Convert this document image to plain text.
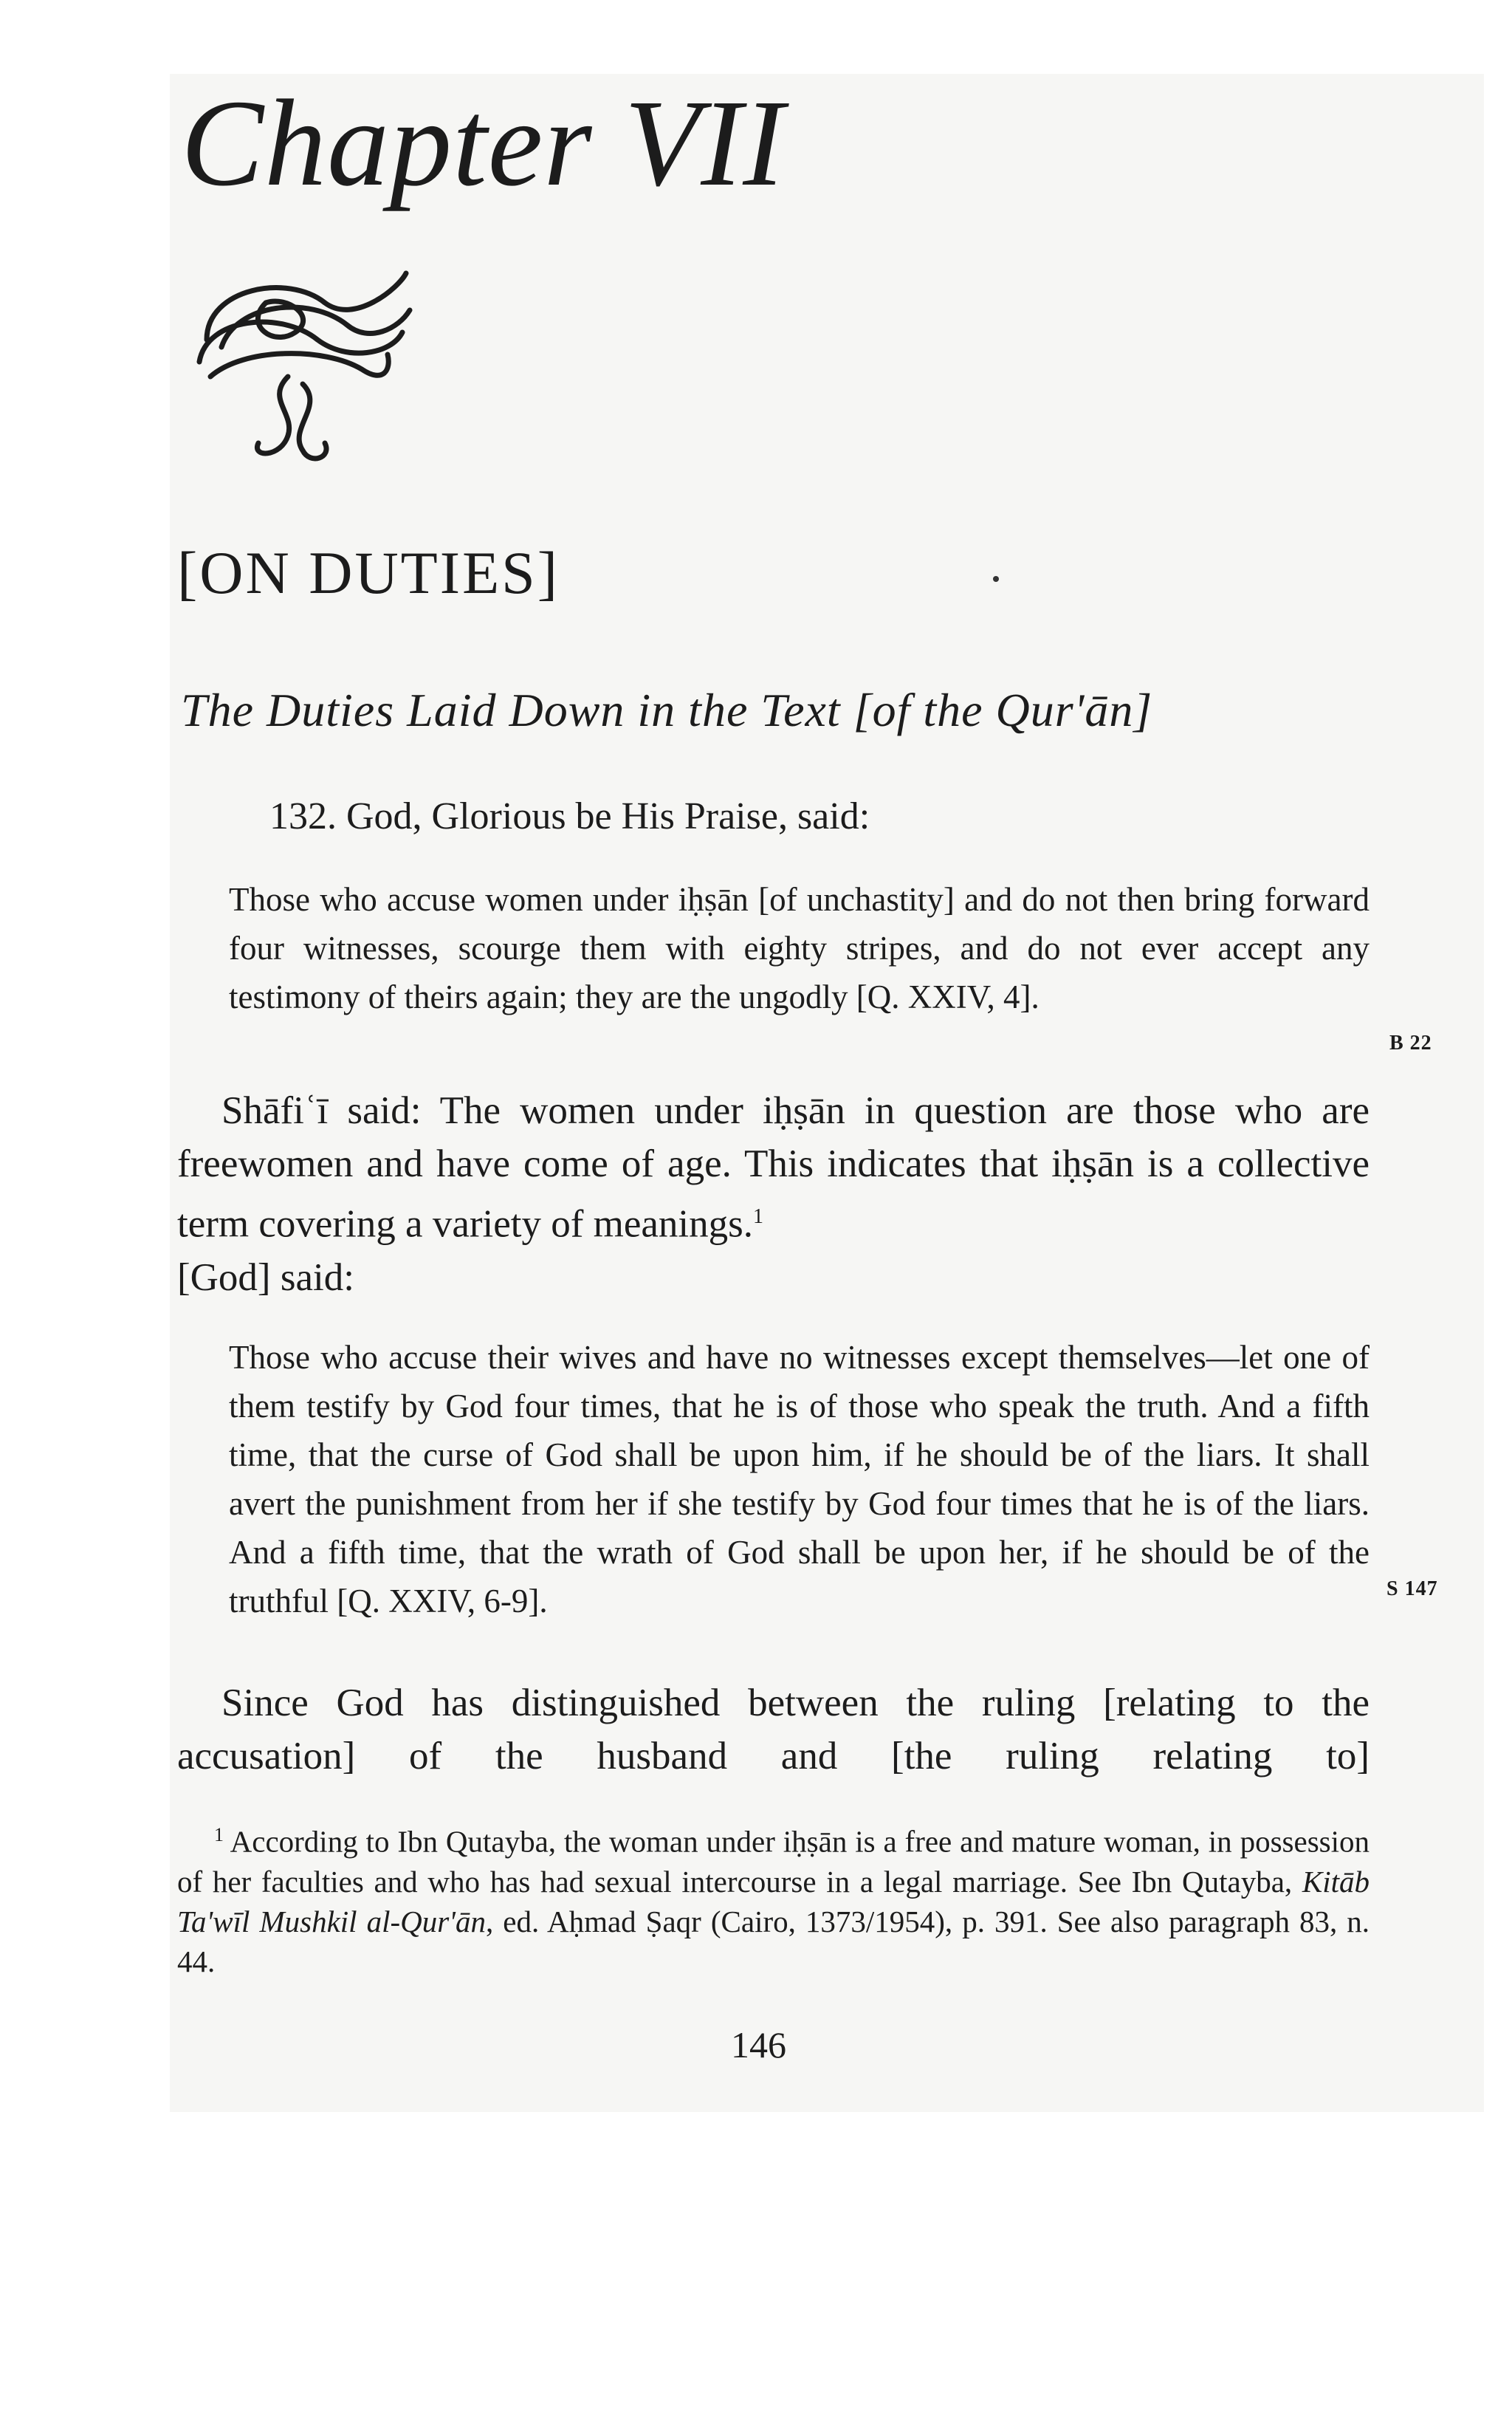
Chapter VII
[ON DUTIES]
The Duties Laid Down in the Text [of the Qur'ān]
132. God, Glorious be His Praise, said:
Those who accuse women under iḥṣān [of unchastity] and do not then bring forward four witnesses, scourge them with eighty stripes, and do not ever accept any testimony of theirs again; they are the ungodly [Q. XXIV, 4].
B 22
Shāfiʿī said: The women under iḥṣān in question are those who are freewomen and have come of age. This indicates that iḥṣān is a collective term covering a variety of meanings.$^1$
[God] said:
Those who accuse their wives and have no witnesses except themselves—let one of them testify by God four times, that he is of those who speak the truth. And a fifth time, that the curse of God shall be upon him, if he should be of the liars. It shall avert the punishment from her if she testify by God four times that he is of the liars. And a fifth time, that the wrath of God shall be upon her, if he should be of the truthful [Q. XXIV, 6-9].	S 147
Since God has distinguished between the ruling [relating to the accusation] of the husband and [the ruling relating to]
$^1$ According to Ibn Qutayba, the woman under iḥṣān is a free and mature woman, in possession of her faculties and who has had sexual intercourse in a legal marriage. See Ibn Qutayba, Kitāb Ta'wīl Mushkil al-Qur'ān, ed. Aḥmad Ṣaqr (Cairo, 1373/1954), p. 391. See also paragraph 83, n. 44.
146
